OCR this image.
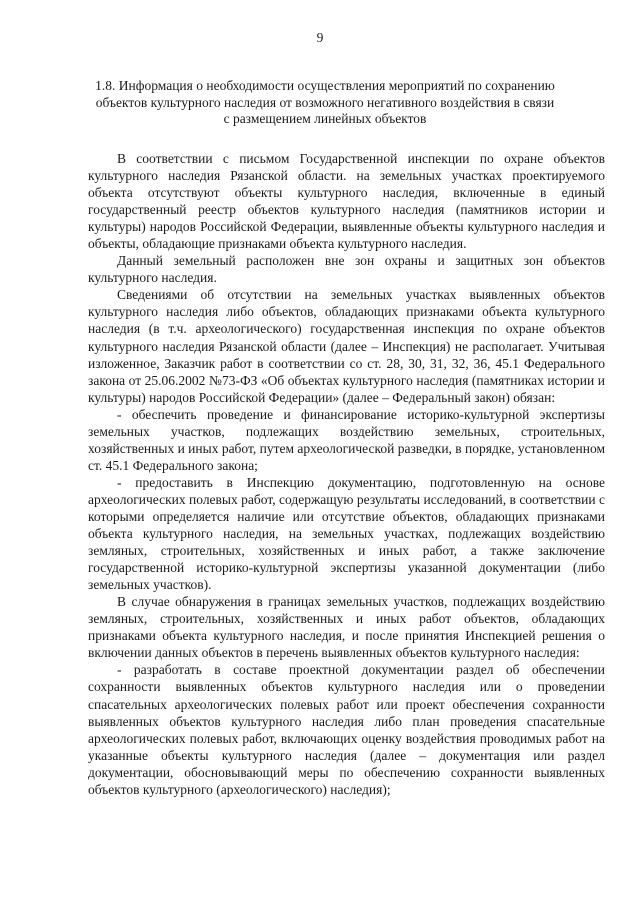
9
1.8. Информация о необходимости осуществления мероприятий по сохранению объектов культурного наследия от возможного негативного воздействия в связи с размещением линейных объектов

В соответствии с письмом Государственной инспекции по охране объектов культурного наследия Рязанской области. на земельных участках проектируемого объекта отсутствуют объекты культурного наследия, включенные в единый государственный реестр объектов культурного наследия (памятников истории и культуры) народов Российской Федерации, выявленные объекты культурного наследия и объекты, обладающие признаками объекта культурного наследия.

Данный земельный расположен вне зон охраны и защитных зон объектов культурного наследия.

Сведениями об отсутствии на земельных участках выявленных объектов культурного наследия либо объектов, обладающих признаками объекта культурного наследия (в т.ч. археологического) государственная инспекция по охране объектов культурного наследия Рязанской области (далее – Инспекция) не располагает. Учитывая изложенное, Заказчик работ в соответствии со ст. 28, 30, 31, 32, 36, 45.1 Федерального закона от 25.06.2002 №73-ФЗ «Об объектах культурного наследия (памятниках истории и культуры) народов Российской Федерации» (далее – Федеральный закон) обязан:

- обеспечить проведение и финансирование историко-культурной экспертизы земельных участков, подлежащих воздействию земельных, строительных, хозяйственных и иных работ, путем археологической разведки, в порядке, установленном ст. 45.1 Федерального закона;

- предоставить в Инспекцию документацию, подготовленную на основе археологических полевых работ, содержащую результаты исследований, в соответствии с которыми определяется наличие или отсутствие объектов, обладающих признаками объекта культурного наследия, на земельных участках, подлежащих воздействию земляных, строительных, хозяйственных и иных работ, а также заключение государственной историко-культурной экспертизы указанной документации (либо земельных участков).

В случае обнаружения в границах земельных участков, подлежащих воздействию земляных, строительных, хозяйственных и иных работ объектов, обладающих признаками объекта культурного наследия, и после принятия Инспекцией решения о включении данных объектов в перечень выявленных объектов культурного наследия:

- разработать в составе проектной документации раздел об обеспечении сохранности выявленных объектов культурного наследия или о проведении спасательных археологических полевых работ или проект обеспечения сохранности выявленных объектов культурного наследия либо план проведения спасательные археологических полевых работ, включающих оценку воздействия проводимых работ на указанные объекты культурного наследия (далее – документация или раздел документации, обосновывающий меры по обеспечению сохранности выявленных объектов культурного (археологического) наследия);
